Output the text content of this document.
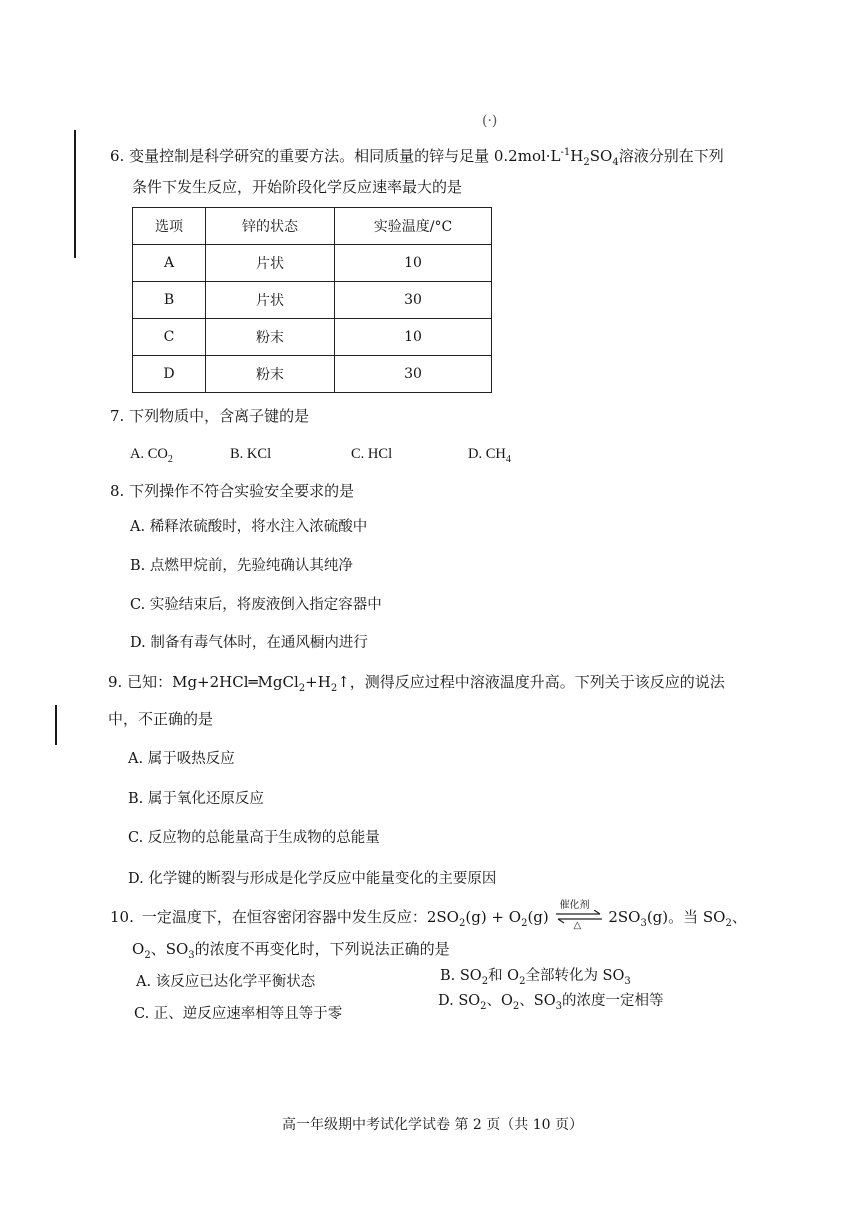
(·)
6. 变量控制是科学研究的重要方法。相同质量的锌与足量 $0.2mol\cdot L^{-1}H_2SO_4$溶液分别在下列
条件下发生反应，开始阶段化学反应速率最大的是
选项	锌的状态	实验温度/°C
A	片状	10
B	片状	30
C	粉末	10
D	粉末	30
7. 下列物质中，含离子键的是
A. $CO_2$	B. KCl	C. HCl	D. $CH_4$
8. 下列操作不符合实验安全要求的是
A. 稀释浓硫酸时，将水注入浓硫酸中
B. 点燃甲烷前，先验纯确认其纯净
C. 实验结束后，将废液倒入指定容器中
D. 制备有毒气体时，在通风橱内进行
9. 已知：$Mg+2HCl═MgCl_2+H_2↑$，测得反应过程中溶液温度升高。下列关于该反应的说法
中，不正确的是
A. 属于吸热反应
B. 属于氧化还原反应
C. 反应物的总能量高于生成物的总能量
D. 化学键的断裂与形成是化学反应中能量变化的主要原因
10. 一定温度下，在恒容密闭容器中发生反应：$2SO_2(g) + O_2(g)$
催化剂
△ $2SO_3(g)$。当 $SO_2$、
$O_2$、$SO_3$的浓度不再变化时，下列说法正确的是
A. 该反应已达化学平衡状态	B. $SO_2$和 $O_2$全部转化为 $SO_3$
C. 正、逆反应速率相等且等于零
D. $SO_2$、$O_2$、$SO_3$的浓度一定相等
高一年级期中考试化学试卷 第 2 页（共 10 页）
